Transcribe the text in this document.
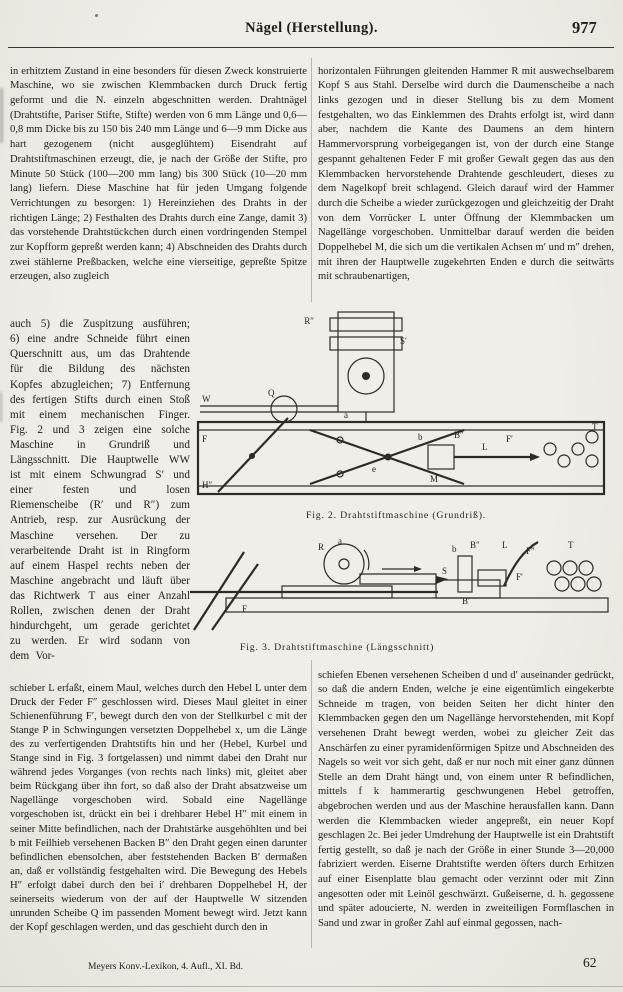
Nägel (Herstellung).	977

in erhitztem Zustand in eine besonders für diesen Zweck konstruierte Maschine, wo sie zwischen Klemmbacken durch Druck fertig geformt und die N. einzeln abgeschnitten werden. Drahtnägel (Drahtstifte, Pariser Stifte, Stifte) werden von 6 mm Länge und 0,6—0,8 mm Dicke bis zu 150 bis 240 mm Länge und 6—9 mm Dicke aus hart gezogenem (nicht ausgeglühtem) Eisendraht auf Drahtstiftmaschinen erzeugt, die, je nach der Größe der Stifte, pro Minute 50 Stück (100—200 mm lang) bis 300 Stück (10—20 mm lang) liefern. Diese Maschine hat für jeden Umgang folgende Verrichtungen zu besorgen: 1) Hereinziehen des Drahts in der richtigen Länge; 2) Festhalten des Drahts durch eine Zange, damit 3) das vorstehende Drahtstückchen durch einen vordringenden Stempel zur Kopfform gepreßt werden kann; 4) Abschneiden des Drahts durch zwei stählerne Preßbacken, welche eine vierseitige, gepreßte Spitze erzeugen, also zugleich

auch 5) die Zuspitzung ausführen; 6) eine andre Schneide führt einen Querschnitt aus, um das Drahtende für die Bildung des nächsten Kopfes abzugleichen; 7) Entfernung des fertigen Stifts durch einen Stoß mit einem mechanischen Finger. Fig. 2 und 3 zeigen eine solche Maschine in Grundriß und Längsschnitt. Die Hauptwelle WW ist mit einem Schwungrad S′ und einer festen und losen Riemenscheibe (R′ und R″) zum Antrieb, resp. zur Ausrückung der Maschine versehen. Der zu verarbeitende Draht ist in Ringform auf einem Haspel rechts neben der Maschine angebracht und läuft über das Richtwerk T aus einer Anzahl Rollen, zwischen denen der Draht hindurchgeht, um gerade gerichtet zu werden. Er wird sodann von dem Vor-

schieber L erfaßt, einem Maul, welches durch den Hebel L unter dem Druck der Feder F″ geschlossen wird. Dieses Maul gleitet in einer Schienenführung F′, bewegt durch den von der Stellkurbel c mit der Stange P in Schwingungen versetzten Doppelhebel x, um die Länge des zu verfertigenden Drahtstifts hin und her (Hebel, Kurbel und Stange sind in Fig. 3 fortgelassen) und nimmt dabei den Draht nur während jedes Vorganges (von rechts nach links) mit, gleitet aber beim Rückgang über ihn fort, so daß also der Draht absatzweise um Nagellänge vorgeschoben wird. Sobald eine Nagellänge vorgeschoben ist, drückt ein bei i drehbarer Hebel H″ mit einem in seiner Mitte befindlichen, nach der Drahtstärke ausgehöhlten und bei b mit Feilhieb versehenen Backen B″ den Draht gegen einen darunter befindlichen ebensolchen, aber feststehenden Backen B′ dermaßen an, daß er vollständig festgehalten wird. Die Bewegung des Hebels H″ erfolgt dabei durch den bei i′ drehbaren Doppelhebel H, der seinerseits wiederum von der auf der Hauptwelle W sitzenden unrunden Scheibe Q im passenden Moment bewegt wird. Jetzt kann der Kopf geschlagen werden, und das geschieht durch den in

horizontalen Führungen gleitenden Hammer R mit auswechselbarem Kopf S aus Stahl. Derselbe wird durch die Daumenscheibe a nach links gezogen und in dieser Stellung bis zu dem Moment festgehalten, wo das Einklemmen des Drahts erfolgt ist, wird dann aber, nachdem die Kante des Daumens an dem hintern Hammervorsprung vorbeigegangen ist, von der durch eine Stange gespannt gehaltenen Feder F mit großer Gewalt gegen das aus den Klemmbacken hervorstehende Drahtende geschleudert, dieses zu dem Nagelkopf breit schlagend. Gleich darauf wird der Hammer durch die Scheibe a wieder zurückgezogen und gleichzeitig der Draht von dem Vorrücker L unter Öffnung der Klemmbacken um Nagellänge vorgeschoben. Unmittelbar darauf werden die beiden Doppelhebel M, die sich um die vertikalen Achsen m′ und m″ drehen, mit ihren der Hauptwelle zugekehrten Enden e durch die seitwärts mit schraubenartigen,

schiefen Ebenen versehenen Scheiben d und d′ auseinander gedrückt, so daß die andern Enden, welche je eine eigentümlich eingekerbte Schneide m tragen, von beiden Seiten her dicht hinter den Klemmbacken gegen den um Nagellänge hervorstehenden, mit Kopf versehenen Draht bewegt werden, wobei zu gleicher Zeit das Anschärfen zu einer pyramidenförmigen Spitze und Abschneiden des Nagels so weit vor sich geht, daß er nur noch mit einer ganz dünnen Stelle an dem Draht hängt und, von einem unter R befindlichen, mittels f k hammerartig geschwungenen Hebel getroffen, abgebrochen werden und aus der Maschine herausfallen kann. Dann werden die Klemmbacken wieder angepreßt, ein neuer Kopf geschlagen 2c. Bei jeder Umdrehung der Hauptwelle ist ein Drahtstift fertig gestellt, so daß je nach der Größe in einer Stunde 3—20,000 fabriziert werden. Eiserne Drahtstifte werden öfters durch Erhitzen auf einer Eisenplatte blau gemacht oder verzinnt oder mit Zinn angesotten oder mit Leinöl geschwärzt. Gußeiserne, d. h. gegossene und später adoucierte, N. werden in zweiteiligen Formflaschen in Sand und zwar in großer Zahl auf einmal gegossen, nach-

R″
S′
Q
W
F
H″
a
b	B″
L
F′
T
M
e
Fig. 2. Drahtstiftmaschine (Grundriß).
R
a
S
b B″
B′
L
F″
F′
T
F
Fig. 3. Drahtstiftmaschine (Längsschnitt)
Meyers Konv.-Lexikon, 4. Aufl., XI. Bd.	62
